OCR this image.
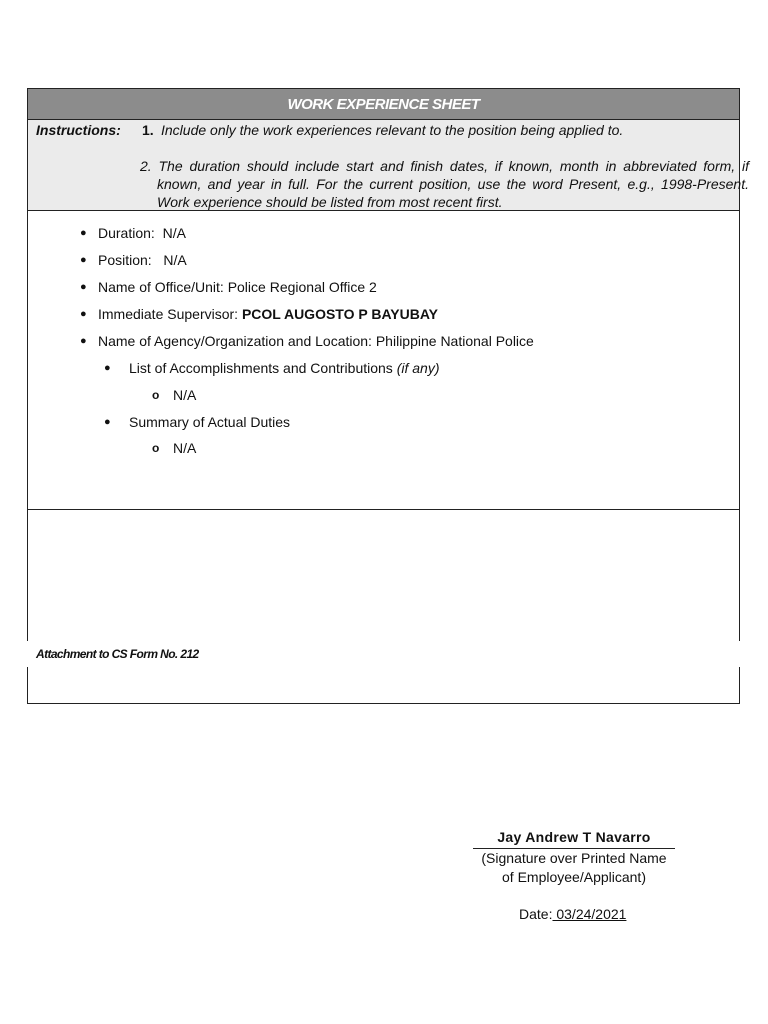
WORK EXPERIENCE SHEET
Instructions: 1. Include only the work experiences relevant to the position being applied to.
2. The duration should include start and finish dates, if known, month in abbreviated form, if known, and year in full. For the current position, use the word Present, e.g., 1998-Present. Work experience should be listed from most recent first.
● Duration: N/A
● Position: N/A
● Name of Office/Unit: Police Regional Office 2
● Immediate Supervisor: PCOL AUGOSTO P BAYUBAY
● Name of Agency/Organization and Location: Philippine National Police
●	List of Accomplishments and Contributions (if any)
o N/A
●	Summary of Actual Duties
o N/A
Attachment to CS Form No. 212
Jay Andrew T Navarro
(Signature over Printed Name
of Employee/Applicant)
Date: 03/24/2021
